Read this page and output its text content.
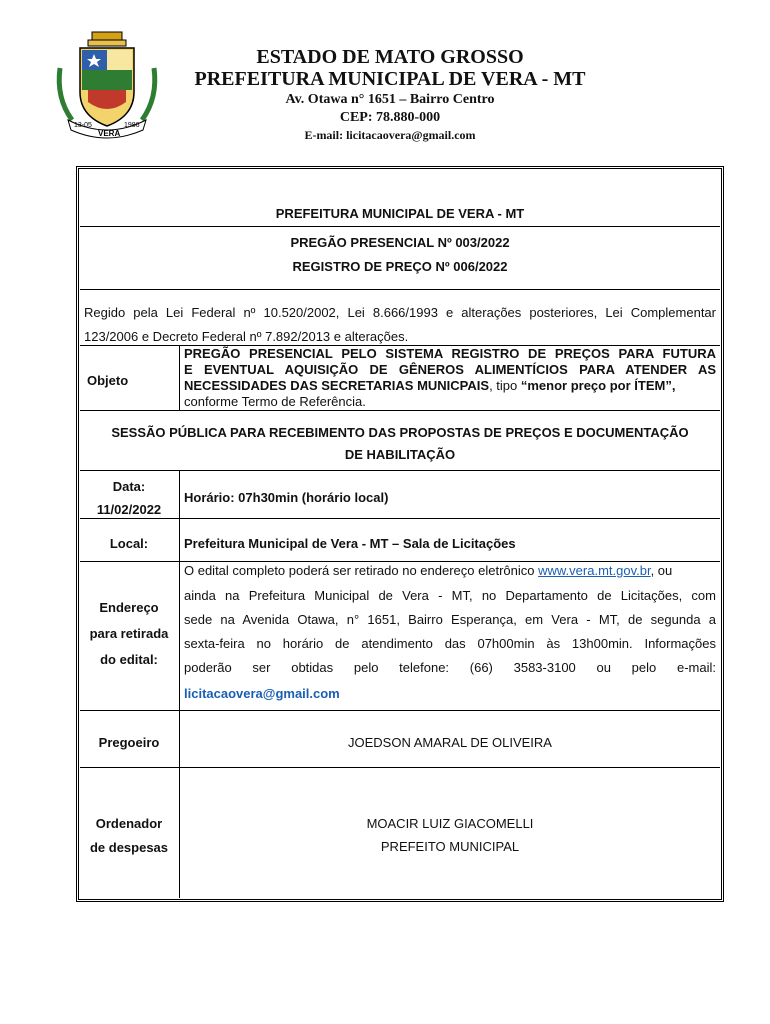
13-05
VERA
1986
ESTADO DE MATO GROSSO
PREFEITURA MUNICIPAL DE VERA - MT
Av. Otawa n° 1651 – Bairro Centro
CEP: 78.880-000
E-mail: licitacaovera@gmail.com
PREFEITURA MUNICIPAL DE VERA - MT
PREGÃO PRESENCIAL Nº 003/2022
REGISTRO DE PREÇO Nº 006/2022
Regido pela Lei Federal nº 10.520/2002, Lei 8.666/1993 e alterações posteriores, Lei Complementar
123/2006 e Decreto Federal nº 7.892/2013 e alterações.
Objeto
PREGÃO PRESENCIAL PELO SISTEMA REGISTRO DE PREÇOS PARA FUTURA
E EVENTUAL AQUISIÇÃO DE GÊNEROS ALIMENTÍCIOS PARA ATENDER AS
NECESSIDADES DAS SECRETARIAS MUNICPAIS, tipo “menor preço por ÍTEM”,
conforme Termo de Referência.
SESSÃO PÚBLICA PARA RECEBIMENTO DAS PROPOSTAS DE PREÇOS E DOCUMENTAÇÃO
DE HABILITAÇÃO
Data:
11/02/2022
Horário: 07h30min (horário local)
Local:	Prefeitura Municipal de Vera - MT – Sala de Licitações
Endereço
para retirada
do edital:
O edital completo poderá ser retirado no endereço eletrônico www.vera.mt.gov.br, ou
ainda na Prefeitura Municipal de Vera - MT, no Departamento de Licitações, com
sede na Avenida Otawa, n° 1651, Bairro Esperança, em Vera - MT, de segunda a
sexta-feira no horário de atendimento das 07h00min às 13h00min. Informações
poderão ser obtidas pelo telefone: (66) 3583-3100 ou pelo e-mail:
licitacaovera@gmail.com
Pregoeiro	JOEDSON AMARAL DE OLIVEIRA
Ordenador
de despesas
MOACIR LUIZ GIACOMELLI
PREFEITO MUNICIPAL
